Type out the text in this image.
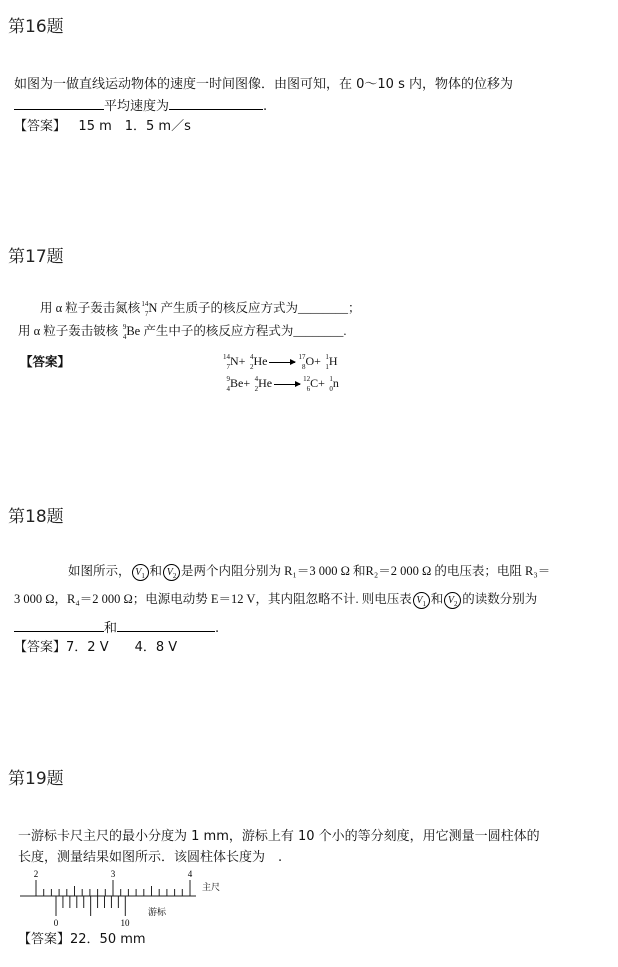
第16题
如图为一做直线运动物体的速度一时间图像．由图可知，在 0～10 s 内，物体的位移为
平均速度为	.
【答案】 15 m　1．5 m／s
第17题
用 α 粒子轰击氮核 14
7 N 产生质子的核反应方式为________；
用 α 粒子轰击铍核 9
4 Be 产生中子的核反应方程式为________.
【答案】	14
7 N+ 4
2 He	17
8 O+ 1
1 H
9
4 Be+ 4
2 He	12
6 C+ 1
0 n
第18题
如图所示， $V_1$ 和 $V_2$ 是两个内阻分别为 R₁＝3 000 Ω 和R₂＝2 000 Ω 的电压表；电阻 R₃＝
3 000 Ω，R₄＝2 000 Ω；电源电动势 E＝12 V，其内阻忽略不计. 则电压表 $V_1$ 和 $V_2$ 的读数分别为
和	.
【答案】7．2 V　　4．8 V
第19题
一游标卡尺主尺的最小分度为 1 mm，游标上有 10 个小的等分刻度，用它测量一圆柱体的
长度，测量结果如图所示．该圆柱体长度为　.
2	3	4
主尺
0	10
游标
【答案】22．50 mm
